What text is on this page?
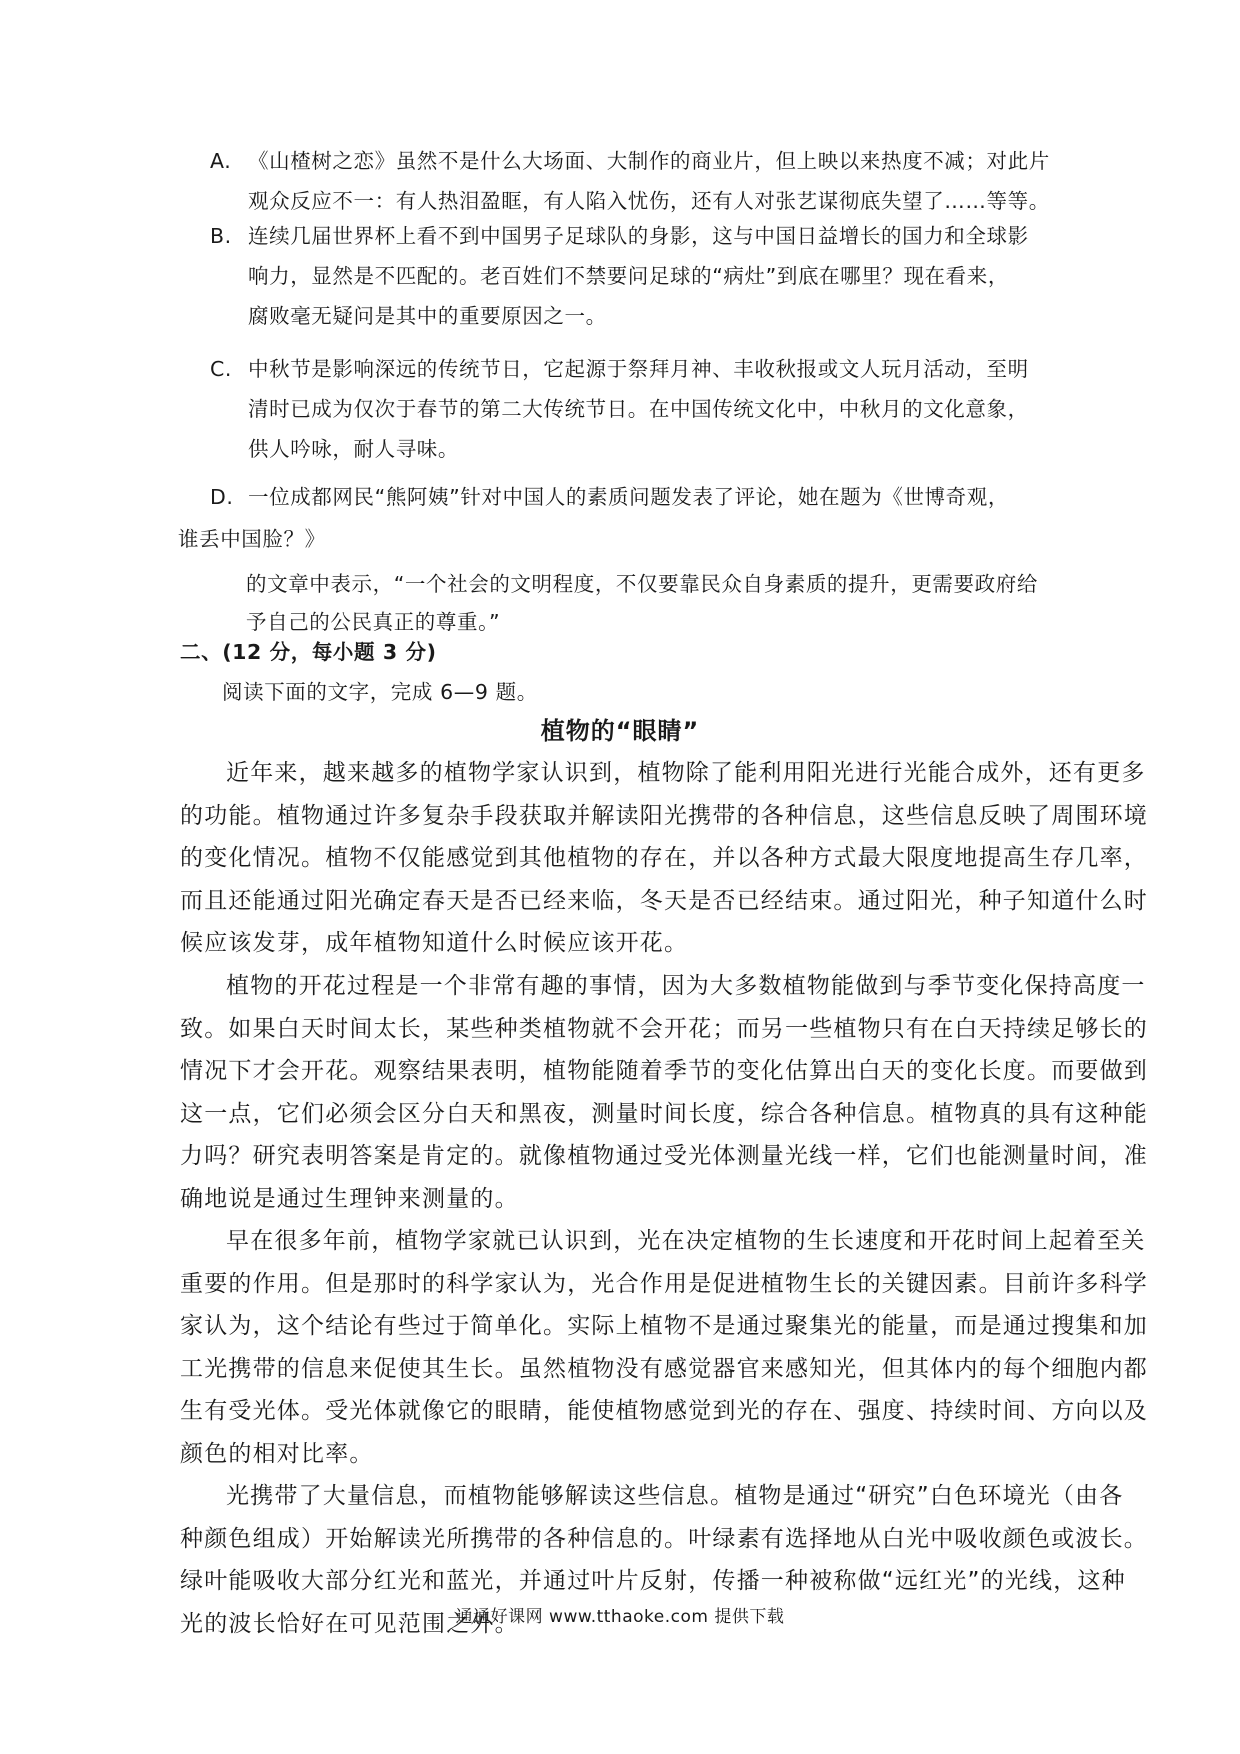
A. 《山楂树之恋》虽然不是什么大场面、大制作的商业片，但上映以来热度不减；对此片
观众反应不一：有人热泪盈眶，有人陷入忧伤，还有人对张艺谋彻底失望了……等等。
B. 连续几届世界杯上看不到中国男子足球队的身影，这与中国日益增长的国力和全球影
响力，显然是不匹配的。老百姓们不禁要问足球的“病灶”到底在哪里？现在看来，
腐败毫无疑问是其中的重要原因之一。
C. 中秋节是影响深远的传统节日，它起源于祭拜月神、丰收秋报或文人玩月活动，至明
清时已成为仅次于春节的第二大传统节日。在中国传统文化中，中秋月的文化意象，
供人吟咏，耐人寻味。
D. 一位成都网民“熊阿姨”针对中国人的素质问题发表了评论，她在题为《世博奇观，
谁丢中国脸？》
的文章中表示，“一个社会的文明程度，不仅要靠民众自身素质的提升，更需要政府给
予自己的公民真正的尊重。”
二、(12 分，每小题 3 分)
阅读下面的文字，完成 6—9 题。
植物的“眼睛”
近年来，越来越多的植物学家认识到，植物除了能利用阳光进行光能合成外，还有更多
的功能。植物通过许多复杂手段获取并解读阳光携带的各种信息，这些信息反映了周围环境
的变化情况。植物不仅能感觉到其他植物的存在，并以各种方式最大限度地提高生存几率，
而且还能通过阳光确定春天是否已经来临，冬天是否已经结束。通过阳光，种子知道什么时
候应该发芽，成年植物知道什么时候应该开花。
植物的开花过程是一个非常有趣的事情，因为大多数植物能做到与季节变化保持高度一
致。如果白天时间太长，某些种类植物就不会开花；而另一些植物只有在白天持续足够长的
情况下才会开花。观察结果表明，植物能随着季节的变化估算出白天的变化长度。而要做到
这一点，它们必须会区分白天和黑夜，测量时间长度，综合各种信息。植物真的具有这种能
力吗？研究表明答案是肯定的。就像植物通过受光体测量光线一样，它们也能测量时间，准
确地说是通过生理钟来测量的。
早在很多年前，植物学家就已认识到，光在决定植物的生长速度和开花时间上起着至关
重要的作用。但是那时的科学家认为，光合作用是促进植物生长的关键因素。目前许多科学
家认为，这个结论有些过于简单化。实际上植物不是通过聚集光的能量，而是通过搜集和加
工光携带的信息来促使其生长。虽然植物没有感觉器官来感知光，但其体内的每个细胞内都
生有受光体。受光体就像它的眼睛，能使植物感觉到光的存在、强度、持续时间、方向以及
颜色的相对比率。
光携带了大量信息，而植物能够解读这些信息。植物是通过“研究”白色环境光（由各
种颜色组成）开始解读光所携带的各种信息的。叶绿素有选择地从白光中吸收颜色或波长。
绿叶能吸收大部分红光和蓝光，并通过叶片反射，传播一种被称做“远红光”的光线，这种
光的波长恰好在可见范围之外。
通通好课网 www.tthaoke.com 提供下载
